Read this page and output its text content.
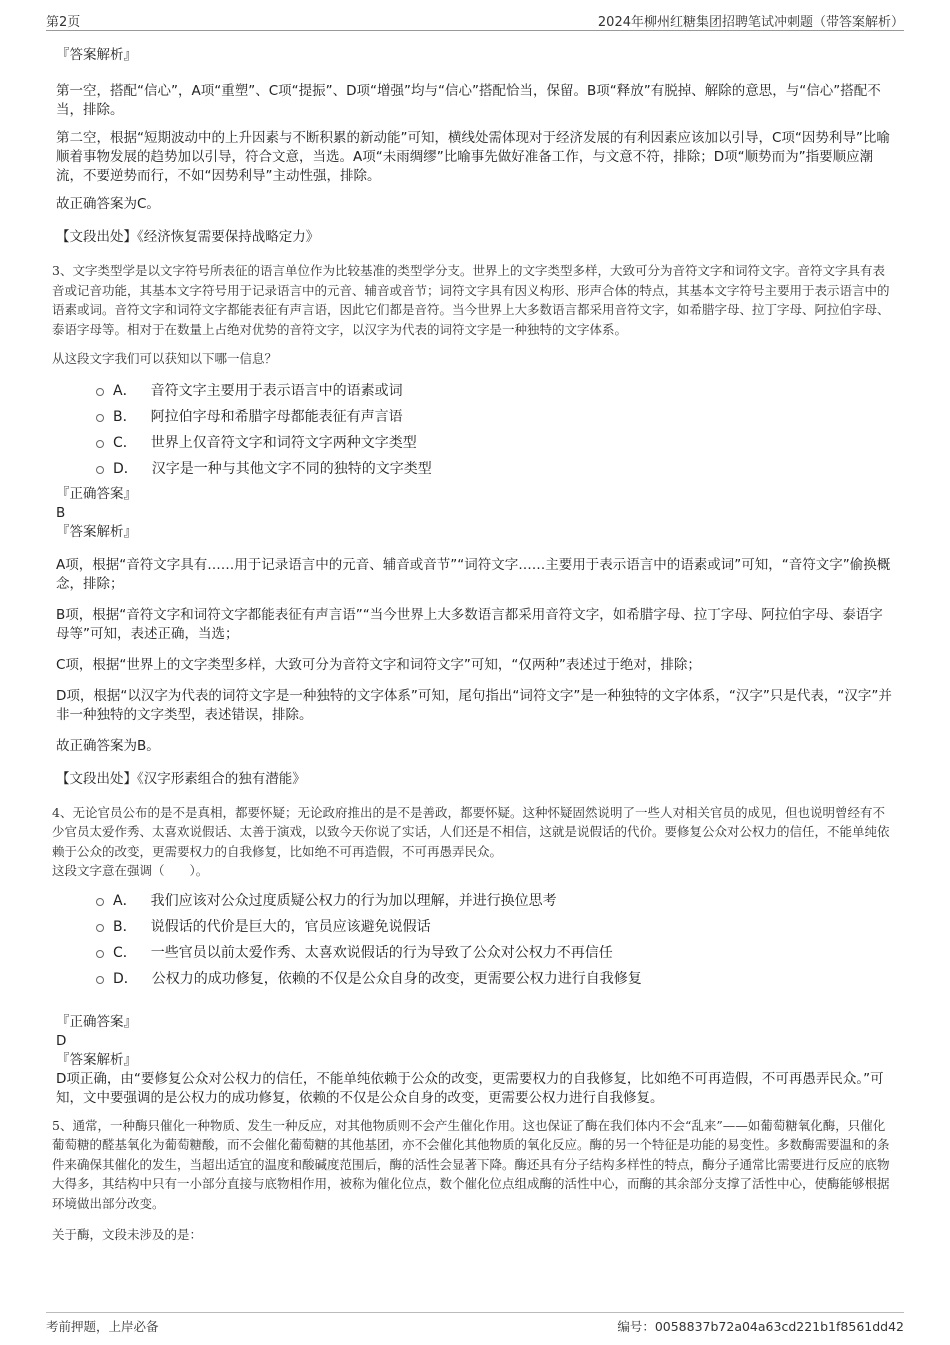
第2页	2024年柳州红糖集团招聘笔试冲刺题（带答案解析）

『答案解析』

第一空，搭配“信心”，A项“重塑”、C项“提振”、D项“增强”均与“信心”搭配恰当，保留。B项“释放”有脱掉、解除的意思，与“信心”搭配不当，排除。

第二空，根据“短期波动中的上升因素与不断积累的新动能”可知，横线处需体现对于经济发展的有利因素应该加以引导，C项“因势利导”比喻顺着事物发展的趋势加以引导，符合文意，当选。A项“未雨绸缪”比喻事先做好准备工作，与文意不符，排除；D项“顺势而为”指要顺应潮流，不要逆势而行，不如“因势利导”主动性强，排除。

故正确答案为C。

【文段出处】《经济恢复需要保持战略定力》

3、文字类型学是以文字符号所表征的语言单位作为比较基准的类型学分支。世界上的文字类型多样，大致可分为音符文字和词符文字。音符文字具有表音或记音功能，其基本文字符号用于记录语言中的元音、辅音或音节；词符文字具有因义构形、形声合体的特点，其基本文字符号主要用于表示语言中的语素或词。音符文字和词符文字都能表征有声言语，因此它们都是音符。当今世界上大多数语言都采用音符文字，如希腊字母、拉丁字母、阿拉伯字母、泰语字母等。相对于在数量上占绝对优势的音符文字，以汉字为代表的词符文字是一种独特的文字体系。

从这段文字我们可以获知以下哪一信息？

A． 音符文字主要用于表示语言中的语素或词
B． 阿拉伯字母和希腊字母都能表征有声言语
C． 世界上仅音符文字和词符文字两种文字类型
D． 汉字是一种与其他文字不同的独特的文字类型

『正确答案』

B

『答案解析』

A项，根据“音符文字具有……用于记录语言中的元音、辅音或音节”“词符文字……主要用于表示语言中的语素或词”可知，“音符文字”偷换概念，排除；

B项，根据“音符文字和词符文字都能表征有声言语”“当今世界上大多数语言都采用音符文字，如希腊字母、拉丁字母、阿拉伯字母、泰语字母等”可知，表述正确，当选；

C项，根据“世界上的文字类型多样，大致可分为音符文字和词符文字”可知，“仅两种”表述过于绝对，排除；

D项，根据“以汉字为代表的词符文字是一种独特的文字体系”可知，尾句指出“词符文字”是一种独特的文字体系，“汉字”只是代表，“汉字”并非一种独特的文字类型，表述错误，排除。

故正确答案为B。

【文段出处】《汉字形素组合的独有潜能》

4、无论官员公布的是不是真相，都要怀疑；无论政府推出的是不是善政，都要怀疑。这种怀疑固然说明了一些人对相关官员的成见，但也说明曾经有不少官员太爱作秀、太喜欢说假话、太善于演戏，以致今天你说了实话，人们还是不相信，这就是说假话的代价。要修复公众对公权力的信任，不能单纯依赖于公众的改变，更需要权力的自我修复，比如绝不可再造假，不可再愚弄民众。

这段文字意在强调（　　）。

A． 我们应该对公众过度质疑公权力的行为加以理解，并进行换位思考
B． 说假话的代价是巨大的，官员应该避免说假话
C． 一些官员以前太爱作秀、太喜欢说假话的行为导致了公众对公权力不再信任
D． 公权力的成功修复，依赖的不仅是公众自身的改变，更需要公权力进行自我修复

『正确答案』

D

『答案解析』

D项正确，由“要修复公众对公权力的信任，不能单纯依赖于公众的改变，更需要权力的自我修复，比如绝不可再造假，不可再愚弄民众。”可知，文中要强调的是公权力的成功修复，依赖的不仅是公众自身的改变，更需要公权力进行自我修复。

5、通常，一种酶只催化一种物质、发生一种反应，对其他物质则不会产生催化作用。这也保证了酶在我们体内不会“乱来”——如葡萄糖氧化酶，只催化葡萄糖的醛基氧化为葡萄糖酸，而不会催化葡萄糖的其他基团，亦不会催化其他物质的氧化反应。酶的另一个特征是功能的易变性。多数酶需要温和的条件来确保其催化的发生，当超出适宜的温度和酸碱度范围后，酶的活性会显著下降。酶还具有分子结构多样性的特点，酶分子通常比需要进行反应的底物大得多，其结构中只有一小部分直接与底物相作用，被称为催化位点，数个催化位点组成酶的活性中心，而酶的其余部分支撑了活性中心，使酶能够根据环境做出部分改变。

关于酶，文段未涉及的是：

考前押题，上岸必备	编号：0058837b72a04a63cd221b1f8561dd42
